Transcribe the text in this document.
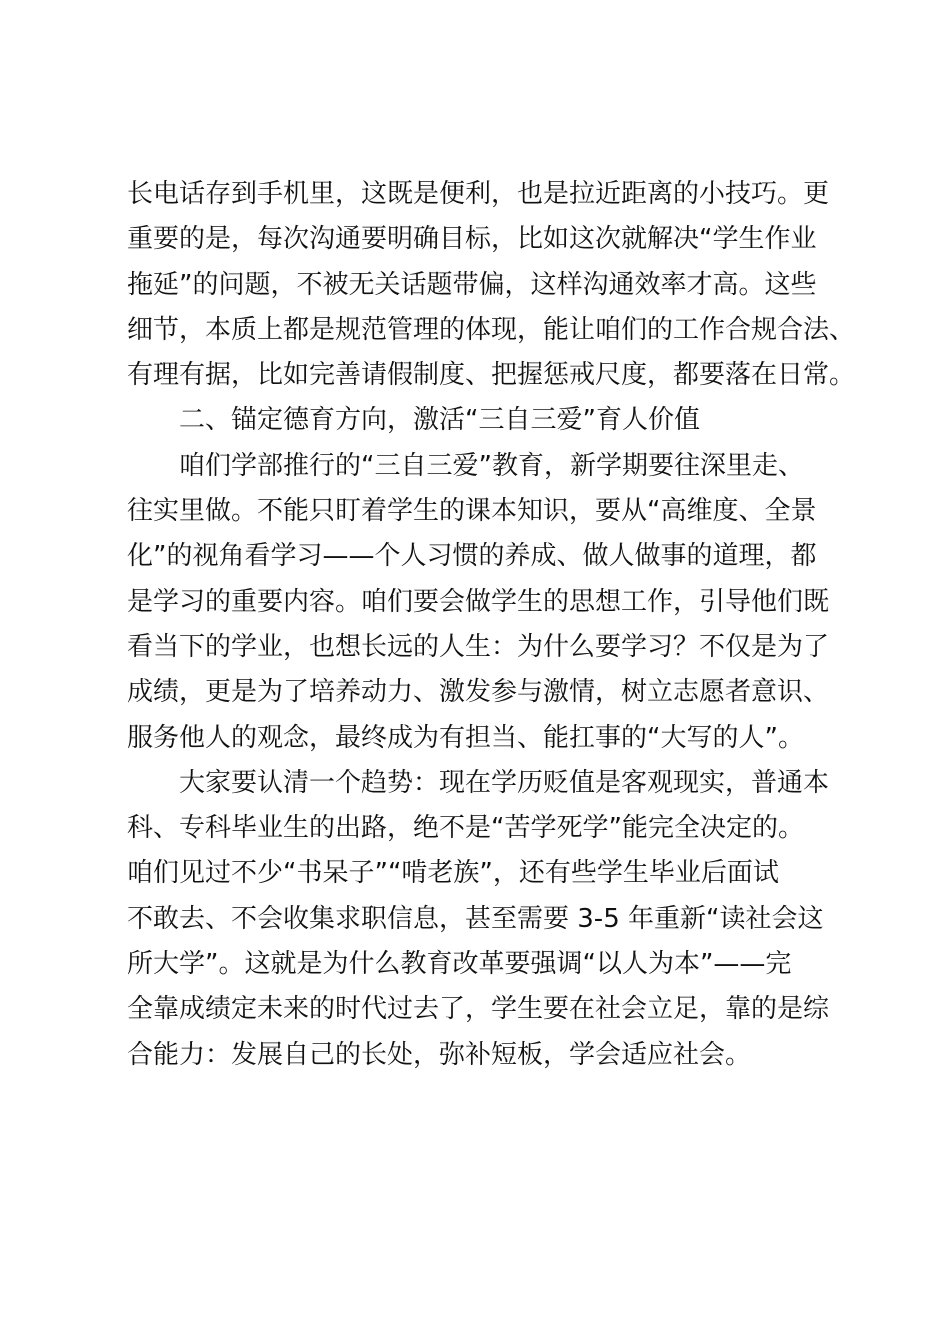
长电话存到手机里，这既是便利，也是拉近距离的小技巧。更
重要的是，每次沟通要明确目标，比如这次就解决“学生作业
拖延”的问题，不被无关话题带偏，这样沟通效率才高。这些
细节，本质上都是规范管理的体现，能让咱们的工作合规合法、
有理有据，比如完善请假制度、把握惩戒尺度，都要落在日常。

二、锚定德育方向，激活“三自三爱”育人价值

咱们学部推行的“三自三爱”教育，新学期要往深里走、
往实里做。不能只盯着学生的课本知识，要从“高维度、全景
化”的视角看学习——个人习惯的养成、做人做事的道理，都
是学习的重要内容。咱们要会做学生的思想工作，引导他们既
看当下的学业，也想长远的人生：为什么要学习？不仅是为了
成绩，更是为了培养动力、激发参与激情，树立志愿者意识、
服务他人的观念，最终成为有担当、能扛事的“大写的人”。

大家要认清一个趋势：现在学历贬值是客观现实，普通本
科、专科毕业生的出路，绝不是“苦学死学”能完全决定的。
咱们见过不少“书呆子”“啃老族”，还有些学生毕业后面试
不敢去、不会收集求职信息，甚至需要 3-5 年重新“读社会这
所大学”。这就是为什么教育改革要强调“以人为本”——完
全靠成绩定未来的时代过去了，学生要在社会立足，靠的是综
合能力：发展自己的长处，弥补短板，学会适应社会。
